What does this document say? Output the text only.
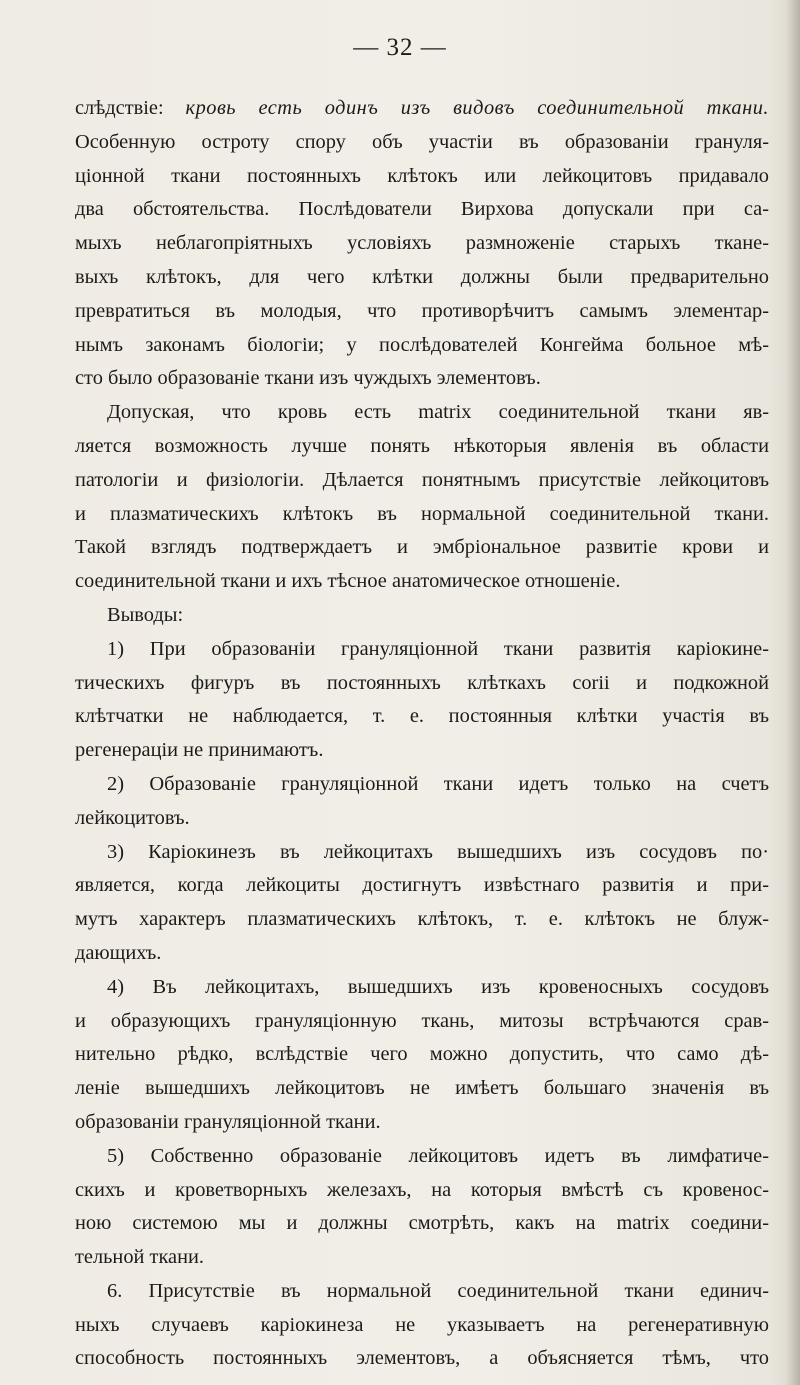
— 32 —
слѣдствіе: кровь есть одинъ изъ видовъ соединительной ткани.
Особенную остроту спору объ участіи въ образованіи грануля-
ціонной ткани постоянныхъ клѣтокъ или лейкоцитовъ придавало
два обстоятельства. Послѣдователи Вирхова допускали при са-
мыхъ неблагопріятныхъ условіяхъ размноженіе старыхъ ткане-
выхъ клѣтокъ, для чего клѣтки должны были предварительно
превратиться въ молодыя, что противорѣчитъ самымъ элементар-
нымъ законамъ біологіи; у послѣдователей Конгейма больное мѣ-
сто было образованіе ткани изъ чуждыхъ элементовъ.
Допуская, что кровь есть matrix соединительной ткани яв-
ляется возможность лучше понять нѣкоторыя явленія въ области
патологіи и физіологіи. Дѣлается понятнымъ присутствіе лейкоцитовъ
и плазматическихъ клѣтокъ въ нормальной соединительной ткани.
Такой взглядъ подтверждаетъ и эмбріональное развитіе крови и
соединительной ткани и ихъ тѣсное анатомическое отношеніе.
Выводы:
1) При образованіи грануляціонной ткани развитія каріокине-
тическихъ фигуръ въ постоянныхъ клѣткахъ corii и подкожной
клѣтчатки не наблюдается, т. е. постоянныя клѣтки участія въ
регенераціи не принимаютъ.
2) Образованіе грануляціонной ткани идетъ только на счетъ
лейкоцитовъ.
3) Каріокинезъ въ лейкоцитахъ вышедшихъ изъ сосудовъ по·
является, когда лейкоциты достигнутъ извѣстнаго развитія и при-
мутъ характеръ плазматическихъ клѣтокъ, т. е. клѣтокъ не блуж-
дающихъ.
4) Въ лейкоцитахъ, вышедшихъ изъ кровеносныхъ сосудовъ
и образующихъ грануляціонную ткань, митозы встрѣчаются срав-
нительно рѣдко, вслѣдствіе чего можно допустить, что само дѣ-
леніе вышедшихъ лейкоцитовъ не имѣетъ большаго значенія въ
образованіи грануляціонной ткани.
5) Собственно образованіе лейкоцитовъ идетъ въ лимфатиче-
скихъ и кроветворныхъ железахъ, на которыя вмѣстѣ съ кровенос-
ною системою мы и должны смотрѣть, какъ на matrix соедини-
тельной ткани.
6. Присутствіе въ нормальной соединительной ткани единич-
ныхъ случаевъ каріокинеза не указываетъ на регенеративную
способность постоянныхъ элементовъ, а объясняется тѣмъ, что
